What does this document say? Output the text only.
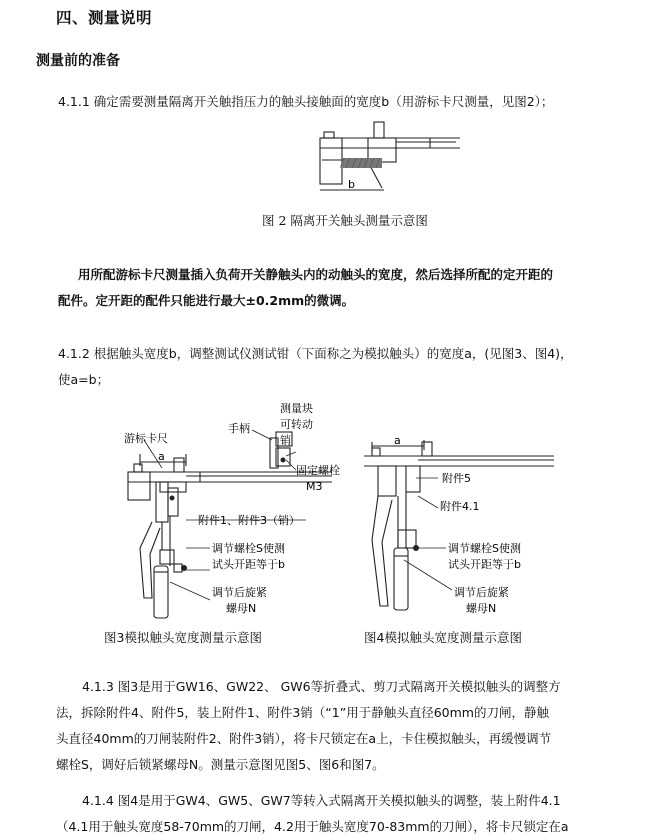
四、测量说明
测量前的准备
4.1.1 确定需要测量隔离开关触指压力的触头接触面的宽度b（用游标卡尺测量，见图2）；
b
图 2 隔离开关触头测量示意图
用所配游标卡尺测量插入负荷开关静触头内的动触头的宽度，然后选择所配的定开距的
配件。定开距的配件只能进行最大±0.2mm的微调。
4.1.2 根据触头宽度b，调整测试仪测试钳（下面称之为模拟触头）的宽度a，(见图3、图4)，
使a=b；
游标卡尺
手柄
测量块
可转动
销
固定螺栓
M3
a
附件1、附件3（销）
调节螺栓S使测
试头开距等于b
调节后旋紧
螺母N
a
附件5
附件4.1
调节螺栓S使测
试头开距等于b
调节后旋紧
螺母N
图3模拟触头宽度测量示意图	图4模拟触头宽度测量示意图
4.1.3 图3是用于GW16、GW22、 GW6等折叠式、剪刀式隔离开关模拟触头的调整方
法，拆除附件4、附件5，装上附件1、附件3销（“1”用于静触头直径60mm的刀闸，静触
头直径40mm的刀闸装附件2、附件3销），将卡尺锁定在a上，卡住模拟触头，再缓慢调节
螺栓S，调好后锁紧螺母N。测量示意图见图5、图6和图7。
4.1.4 图4是用于GW4、GW5、GW7等转入式隔离开关模拟触头的调整，装上附件4.1
（4.1用于触头宽度58-70mm的刀闸，4.2用于触头宽度70-83mm的刀闸），将卡尺锁定在a
